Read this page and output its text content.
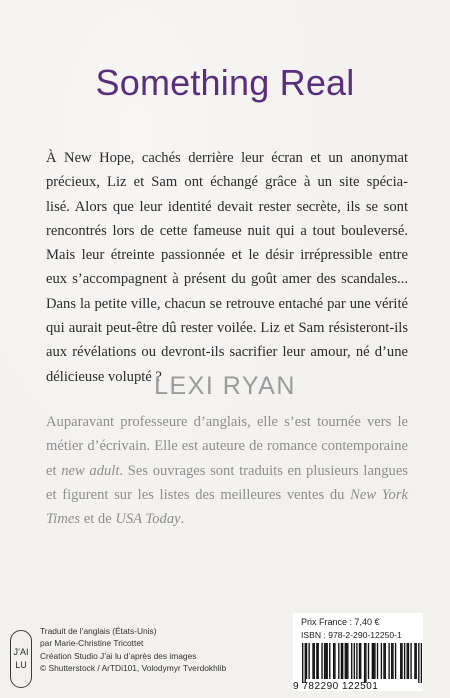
Something Real
À New Hope, cachés derrière leur écran et un anonymat
précieux, Liz et Sam ont échangé grâce à un site spécia-
lisé. Alors que leur identité devait rester secrète, ils se sont
rencontrés lors de cette fameuse nuit qui a tout bouleversé.
Mais leur étreinte passionnée et le désir irrépressible entre
eux s’accompagnent à présent du goût amer des scandales...
Dans la petite ville, chacun se retrouve entaché par une vérité
qui aurait peut-être dû rester voilée. Liz et Sam résisteront-ils
aux révélations ou devront-ils sacrifier leur amour, né d’une
délicieuse volupté ?
LEXI RYAN
Auparavant professeure d’anglais, elle s’est tournée vers le
métier d’écrivain. Elle est auteure de romance contemporaine
et new adult. Ses ouvrages sont traduits en plusieurs langues
et figurent sur les listes des meilleures ventes du New York
Times et de USA Today.
J’AI
LU
Traduit de l’anglais (États-Unis)
par Marie-Christine Tricottet
Création Studio J’ai lu d’après des images
© Shutterstock / ArTDi101, Volodymyr Tverdokhlib
Prix France : 7,40 €
ISBN : 978-2-290-12250-1
9 782290 122501
